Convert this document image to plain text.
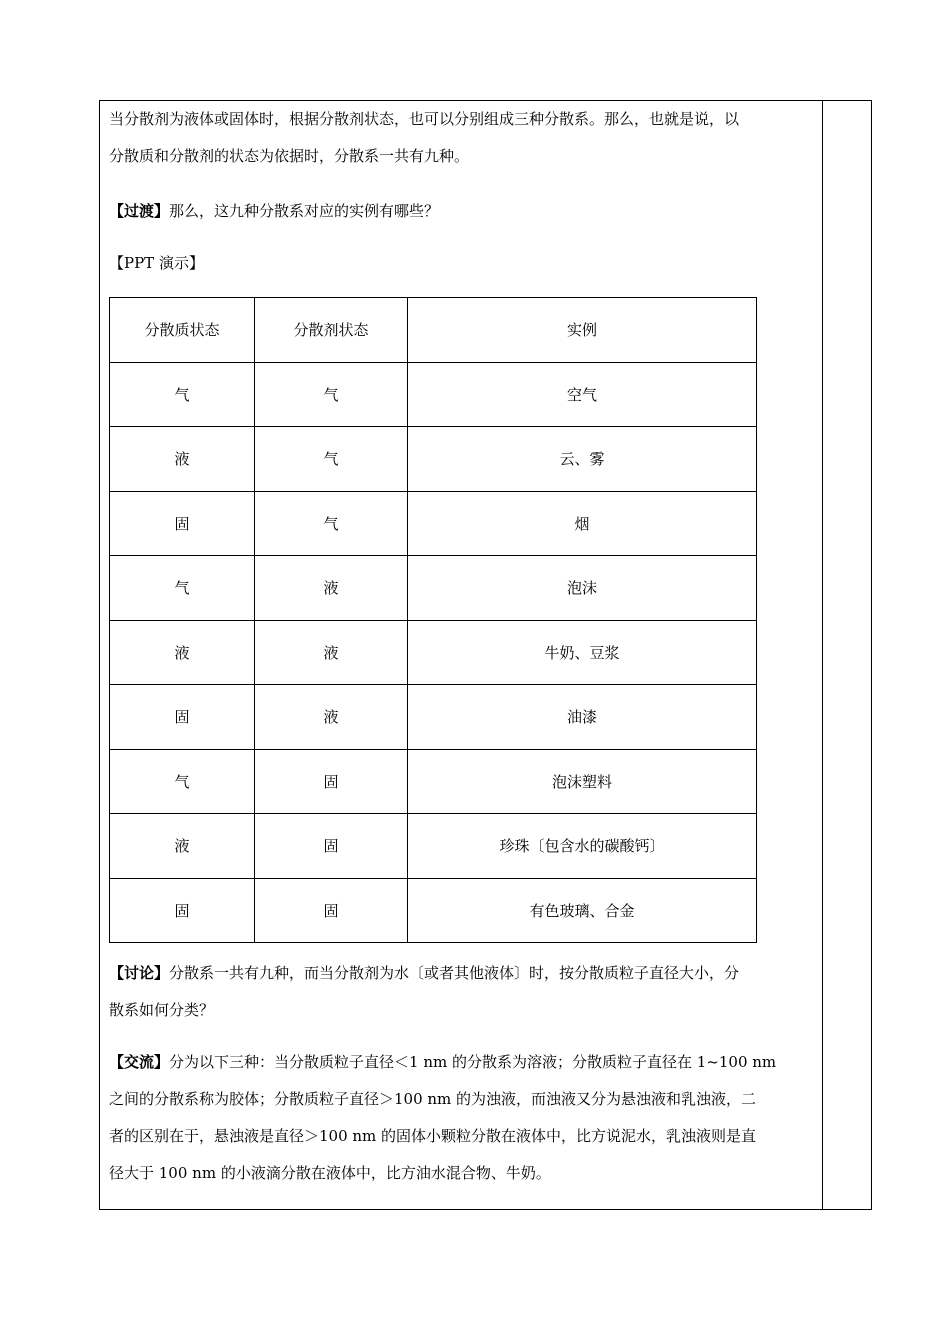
当分散剂为液体或固体时，根据分散剂状态，也可以分别组成三种分散系。那么，也就是说，以
分散质和分散剂的状态为依据时，分散系一共有九种。
【过渡】那么，这九种分散系对应的实例有哪些？
【PPT 演示】
分散质状态	分散剂状态	实例
气	气	空气
液	气	云、雾
固	气	烟
气	液	泡沫
液	液	牛奶、豆浆
固	液	油漆
气	固	泡沫塑料
液	固	珍珠〔包含水的碳酸钙〕
固	固	有色玻璃、合金
【讨论】分散系一共有九种，而当分散剂为水〔或者其他液体〕时，按分散质粒子直径大小，分
散系如何分类？
【交流】分为以下三种：当分散质粒子直径＜1 nm 的分散系为溶液；分散质粒子直径在 1~100 nm
之间的分散系称为胶体；分散质粒子直径＞100 nm 的为浊液，而浊液又分为悬浊液和乳浊液，二
者的区别在于，悬浊液是直径＞100 nm 的固体小颗粒分散在液体中，比方说泥水，乳浊液则是直
径大于 100 nm 的小液滴分散在液体中，比方油水混合物、牛奶。
